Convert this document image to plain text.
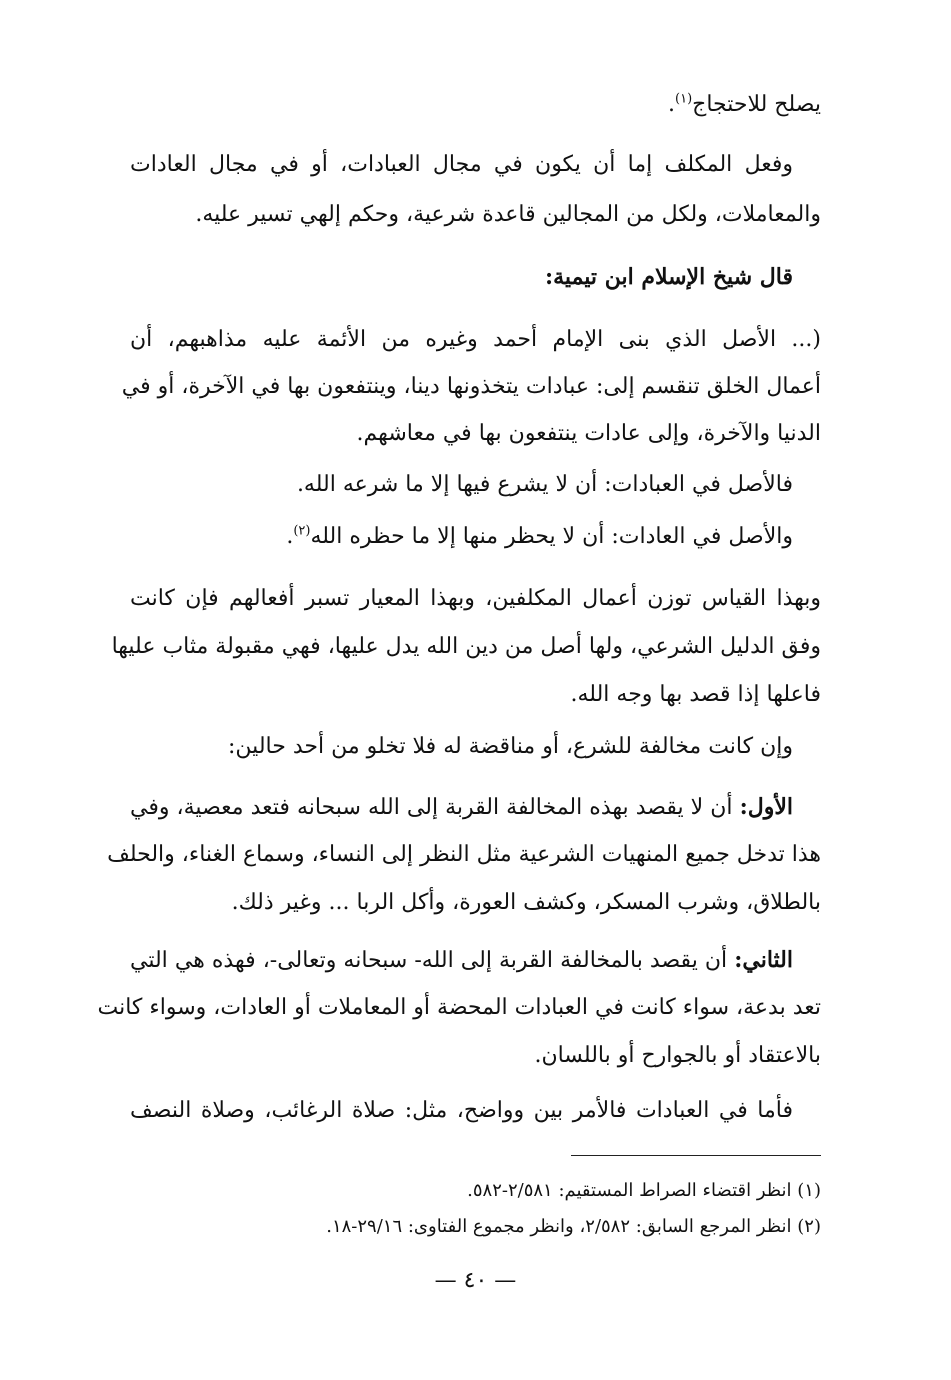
يصلح للاحتجاج$^{(١)}$.
وفعل المكلف إما أن يكون في مجال العبادات، أو في مجال العادات
والمعاملات، ولكل من المجالين قاعدة شرعية، وحكم إلهي تسير عليه.
قال شيخ الإسلام ابن تيمية:
(... الأصل الذي بنى الإمام أحمد وغيره من الأئمة عليه مذاهبهم، أن
أعمال الخلق تنقسم إلى: عبادات يتخذونها دينا، وينتفعون بها في الآخرة، أو في
الدنيا والآخرة، وإلى عادات ينتفعون بها في معاشهم.
فالأصل في العبادات: أن لا يشرع فيها إلا ما شرعه الله.
والأصل في العادات: أن لا يحظر منها إلا ما حظره الله$^{(٢)}$.
وبهذا القياس توزن أعمال المكلفين، وبهذا المعيار تسبر أفعالهم فإن كانت
وفق الدليل الشرعي، ولها أصل من دين الله يدل عليها، فهي مقبولة مثاب عليها
فاعلها إذا قصد بها وجه الله.
وإن كانت مخالفة للشرع، أو مناقضة له فلا تخلو من أحد حالين:
الأول: أن لا يقصد بهذه المخالفة القربة إلى الله سبحانه فتعد معصية، وفي
هذا تدخل جميع المنهيات الشرعية مثل النظر إلى النساء، وسماع الغناء، والحلف
بالطلاق، وشرب المسكر، وكشف العورة، وأكل الربا ... وغير ذلك.
الثاني: أن يقصد بالمخالفة القربة إلى الله- سبحانه وتعالى-، فهذه هي التي
تعد بدعة، سواء كانت في العبادات المحضة أو المعاملات أو العادات، وسواء كانت
بالاعتقاد أو بالجوارح أو باللسان.
فأما في العبادات فالأمر بين وواضح، مثل: صلاة الرغائب، وصلاة النصف
(١) انظر اقتضاء الصراط المستقيم: ٢/٥٨١-٥٨٢.
(٢) انظر المرجع السابق: ٢/٥٨٢، وانظر مجموع الفتاوى: ٢٩/١٦-١٨.
— ٤٠ —
